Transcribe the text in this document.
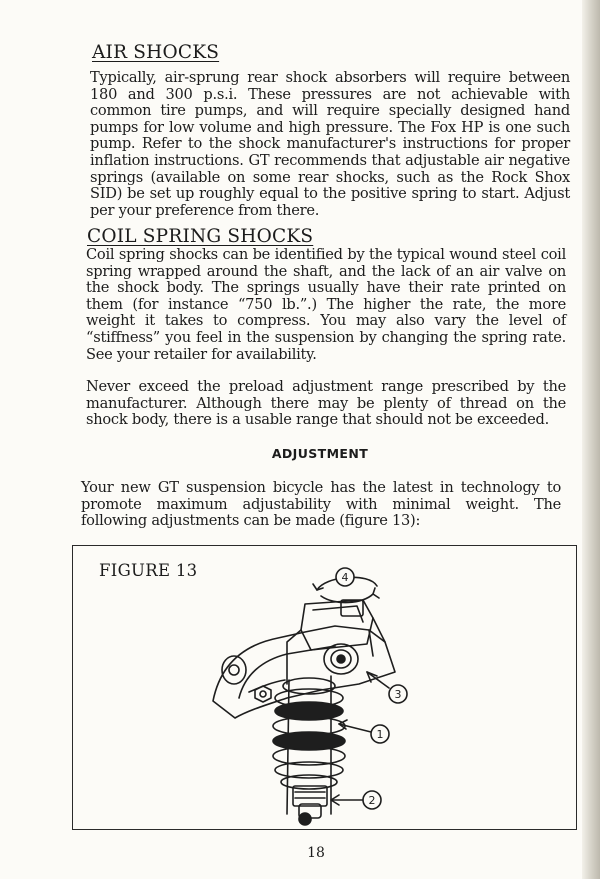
AIR SHOCKS

Typically, air-sprung rear shock absorbers will require between 180 and 300 p.s.i. These pressures are not achievable with common tire pumps, and will require specially designed hand pumps for low volume and high pressure. The Fox HP is one such pump. Refer to the shock manufacturer's instructions for proper inflation instructions. GT recommends that adjustable air negative springs (available on some rear shocks, such as the Rock Shox SID) be set up roughly equal to the positive spring to start. Adjust per your preference from there.

COIL SPRING SHOCKS

Coil spring shocks can be identified by the typical wound steel coil spring wrapped around the shaft, and the lack of an air valve on the shock body. The springs usually have their rate printed on them (for instance “750 lb.”.) The higher the rate, the more weight it takes to compress. You may also vary the level of “stiffness” you feel in the suspension by changing the spring rate. See your retailer for availability.

Never exceed the preload adjustment range prescribed by the manufacturer. Although there may be plenty of thread on the shock body, there is a usable range that should not be exceeded.

ADJUSTMENT

Your new GT suspension bicycle has the latest in technology to promote maximum adjustability with minimal weight. The following adjustments can be made (figure 13):

FIGURE 13	4
3
1
2
18
